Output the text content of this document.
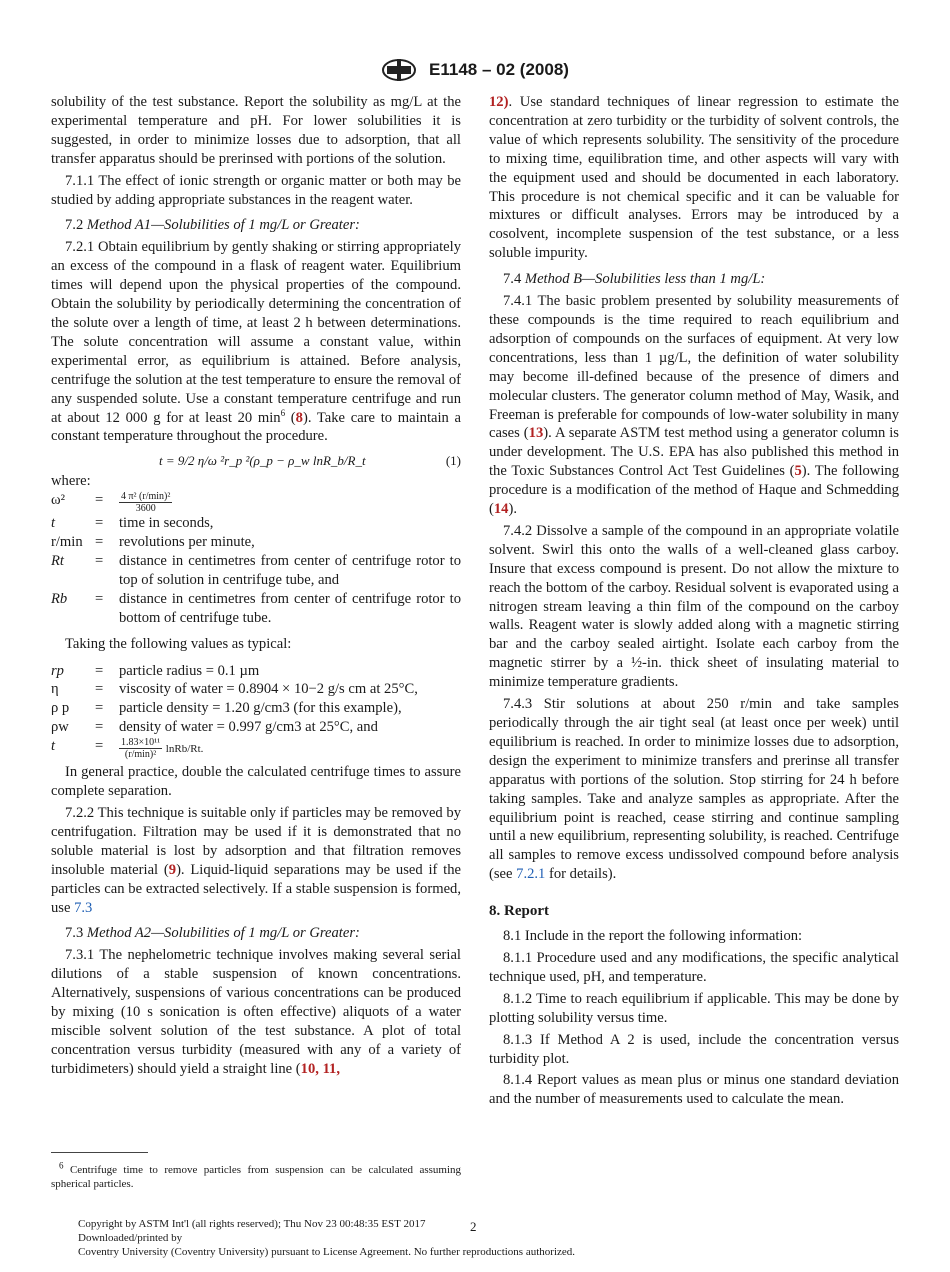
E1148 – 02 (2008)

solubility of the test substance. Report the solubility as mg/L at the experimental temperature and pH. For lower solubilities it is suggested, in order to minimize losses due to adsorption, that all transfer apparatus should be prerinsed with portions of the solution.

7.1.1 The effect of ionic strength or organic matter or both may be studied by adding appropriate substances in the reagent water.

7.2 Method A1—Solubilities of 1 mg/L or Greater:

7.2.1 Obtain equilibrium by gently shaking or stirring appropriately an excess of the compound in a flask of reagent water. Equilibrium times will depend upon the physical properties of the compound. Obtain the solubility by periodically determining the concentration of the solute over a length of time, at least 2 h between determinations. The solute concentration will assume a constant value, within experimental error, as equilibrium is attained. Before analysis, centrifuge the solution at the test temperature to ensure the removal of any suspended solute. Use a constant temperature centrifuge and run at about 12 000 g for at least 20 $\min^6 (8)$. Take care to maintain a constant temperature throughout the procedure.

t = 9/2 η/ω ²r_p ²(ρ_p − ρ_w lnR_b/R_t	(1)

where:

ω²	=	$\frac{\text{4 π² (r/min)²}}{3600}$

t	=	time in seconds,
r/min	=	revolutions per minute,
Rt	=	distance in centimetres from center of centrifuge rotor to top of solution in centrifuge tube, and
Rb	=	distance in centimetres from center of centrifuge rotor to bottom of centrifuge tube.

Taking the following values as typical:

rp	=	particle radius = 0.1 µm
η	=	viscosity of water = 0.8904 × 10−2 g/s cm at 25°C,
ρ p	=	particle density = 1.20 g/cm3 (for this example),
ρw	=	density of water = 0.997 g/cm3 at 25°C, and
t	=	$\frac{\text{1.83×10¹¹}}{\text{(r/min)²}}$ lnRb/Rt.

In general practice, double the calculated centrifuge times to assure complete separation.

7.2.2 This technique is suitable only if particles may be removed by centrifugation. Filtration may be used if it is demonstrated that no soluble material is lost by adsorption and that filtration removes insoluble material (9). Liquid-liquid separations may be used if the particles can be extracted selectively. If a stable suspension is formed, use 7.3

7.3 Method A2—Solubilities of 1 mg/L or Greater:

7.3.1 The nephelometric technique involves making several serial dilutions of a stable suspension of known concentrations. Alternatively, suspensions of various concentrations can be produced by mixing (10 s sonication is often effective) aliquots of a water miscible solvent solution of the test substance. A plot of total concentration versus turbidity (measured with any of a variety of turbidimeters) should yield a straight line (10, 11,

12). Use standard techniques of linear regression to estimate the concentration at zero turbidity or the turbidity of solvent controls, the value of which represents solubility. The sensitivity of the procedure to mixing time, equilibration time, and other aspects will vary with the equipment used and should be documented in each laboratory. This procedure is not chemical specific and it can be valuable for mixtures or difficult analyses. Errors may be introduced by a cosolvent, incomplete suspension of the test substance, or a less soluble impurity.

7.4 Method B—Solubilities less than 1 mg/L:

7.4.1 The basic problem presented by solubility measurements of these compounds is the time required to reach equilibrium and adsorption of compounds on the surfaces of equipment. At very low concentrations, less than 1 µg/L, the definition of water solubility may become ill-defined because of the presence of dimers and molecular clusters. The generator column method of May, Wasik, and Freeman is preferable for compounds of low-water solubility in many cases (13). A separate ASTM test method using a generator column is under development. The U.S. EPA has also published this method in the Toxic Substances Control Act Test Guidelines (5). The following procedure is a modification of the method of Haque and Schmedding (14).

7.4.2 Dissolve a sample of the compound in an appropriate volatile solvent. Swirl this onto the walls of a well-cleaned glass carboy. Insure that excess compound is present. Do not allow the mixture to reach the bottom of the carboy. Residual solvent is evaporated using a nitrogen stream leaving a thin film of the compound on the carboy walls. Reagent water is slowly added along with a magnetic stirring bar and the carboy sealed airtight. Isolate each carboy from the magnetic stirrer by a ½-in. thick sheet of insulating material to minimize temperature gradients.

7.4.3 Stir solutions at about 250 r/min and take samples periodically through the air tight seal (at least once per week) until equilibrium is reached. In order to minimize losses due to adsorption, design the experiment to minimize transfers and prerinse all transfer apparatus with portions of the solution. Stop stirring for 24 h before taking samples. Take and analyze samples as appropriate. After the equilibrium point is reached, cease stirring and continue sampling until a new equilibrium, representing solubility, is reached. Centrifuge all samples to remove excess undissolved compound before analysis (see 7.2.1 for details).

8. Report

8.1 Include in the report the following information:

8.1.1 Procedure used and any modifications, the specific analytical technique used, pH, and temperature.

8.1.2 Time to reach equilibrium if applicable. This may be done by plotting solubility versus time.

8.1.3 If Method A 2 is used, include the concentration versus turbidity plot.

8.1.4 Report values as mean plus or minus one standard deviation and the number of measurements used to calculate the mean.

$^6$ Centrifuge time to remove particles from suspension can be calculated assuming spherical particles.

Copyright by ASTM Int'l (all rights reserved); Thu Nov 23 00:48:35 EST 2017
Downloaded/printed by
Coventry University (Coventry University) pursuant to License Agreement. No further reproductions authorized.
2
